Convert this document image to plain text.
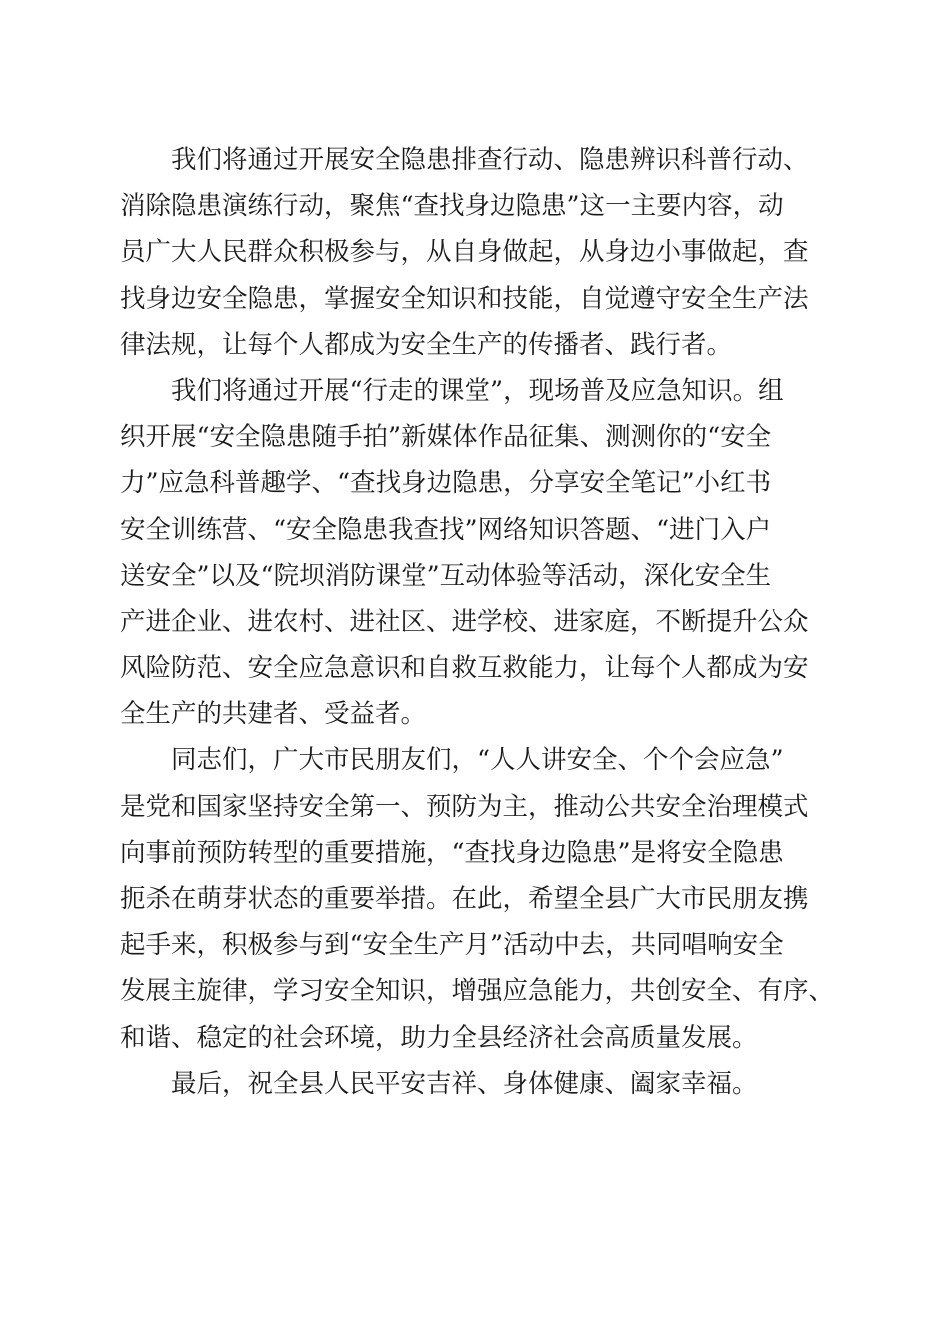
我们将通过开展安全隐患排查行动、隐患辨识科普行动、
消除隐患演练行动，聚焦“查找身边隐患”这一主要内容，动
员广大人民群众积极参与，从自身做起，从身边小事做起，查
找身边安全隐患，掌握安全知识和技能，自觉遵守安全生产法
律法规，让每个人都成为安全生产的传播者、践行者。
我们将通过开展“行走的课堂”，现场普及应急知识。组
织开展“安全隐患随手拍”新媒体作品征集、测测你的“安全
力”应急科普趣学、“查找身边隐患，分享安全笔记”小红书
安全训练营、“安全隐患我查找”网络知识答题、“进门入户
送安全”以及“院坝消防课堂”互动体验等活动，深化安全生
产进企业、进农村、进社区、进学校、进家庭，不断提升公众
风险防范、安全应急意识和自救互救能力，让每个人都成为安
全生产的共建者、受益者。
同志们，广大市民朋友们，“人人讲安全、个个会应急”
是党和国家坚持安全第一、预防为主，推动公共安全治理模式
向事前预防转型的重要措施，“查找身边隐患”是将安全隐患
扼杀在萌芽状态的重要举措。在此，希望全县广大市民朋友携
起手来，积极参与到“安全生产月”活动中去，共同唱响安全
发展主旋律，学习安全知识，增强应急能力，共创安全、有序、
和谐、稳定的社会环境，助力全县经济社会高质量发展。
最后，祝全县人民平安吉祥、身体健康、阖家幸福。
